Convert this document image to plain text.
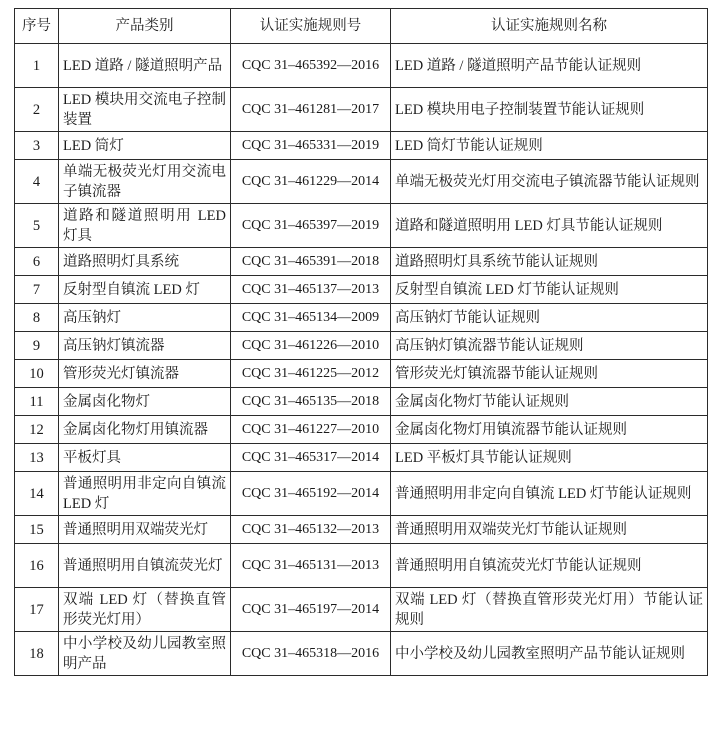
序号	产品类别	认证实施规则号	认证实施规则名称
1	LED 道路 / 隧道照明产品	CQC 31–465392—2016	LED 道路 / 隧道照明产品节能认证规则
2	LED 模块用交流电子控制装置	CQC 31–461281—2017	LED 模块用电子控制装置节能认证规则
3	LED 筒灯	CQC 31–465331—2019	LED 筒灯节能认证规则
4	单端无极荧光灯用交流电子镇流器	CQC 31–461229—2014	单端无极荧光灯用交流电子镇流器节能认证规则
5	道路和隧道照明用 LED 灯具	CQC 31–465397—2019	道路和隧道照明用 LED 灯具节能认证规则
6	道路照明灯具系统	CQC 31–465391—2018	道路照明灯具系统节能认证规则
7	反射型自镇流 LED 灯	CQC 31–465137—2013	反射型自镇流 LED 灯节能认证规则
8	高压钠灯	CQC 31–465134—2009	高压钠灯节能认证规则
9	高压钠灯镇流器	CQC 31–461226—2010	高压钠灯镇流器节能认证规则
10	管形荧光灯镇流器	CQC 31–461225—2012	管形荧光灯镇流器节能认证规则
11	金属卤化物灯	CQC 31–465135—2018	金属卤化物灯节能认证规则
12	金属卤化物灯用镇流器	CQC 31–461227—2010	金属卤化物灯用镇流器节能认证规则
13	平板灯具	CQC 31–465317—2014	LED 平板灯具节能认证规则
14	普通照明用非定向自镇流 LED 灯	CQC 31–465192—2014	普通照明用非定向自镇流 LED 灯节能认证规则
15	普通照明用双端荧光灯	CQC 31–465132—2013	普通照明用双端荧光灯节能认证规则
16	普通照明用自镇流荧光灯	CQC 31–465131—2013	普通照明用自镇流荧光灯节能认证规则
17	双端 LED 灯（替换直管形荧光灯用）	CQC 31–465197—2014	双端 LED 灯（替换直管形荧光灯用）节能认证规则
18	中小学校及幼儿园教室照明产品	CQC 31–465318—2016	中小学校及幼儿园教室照明产品节能认证规则
